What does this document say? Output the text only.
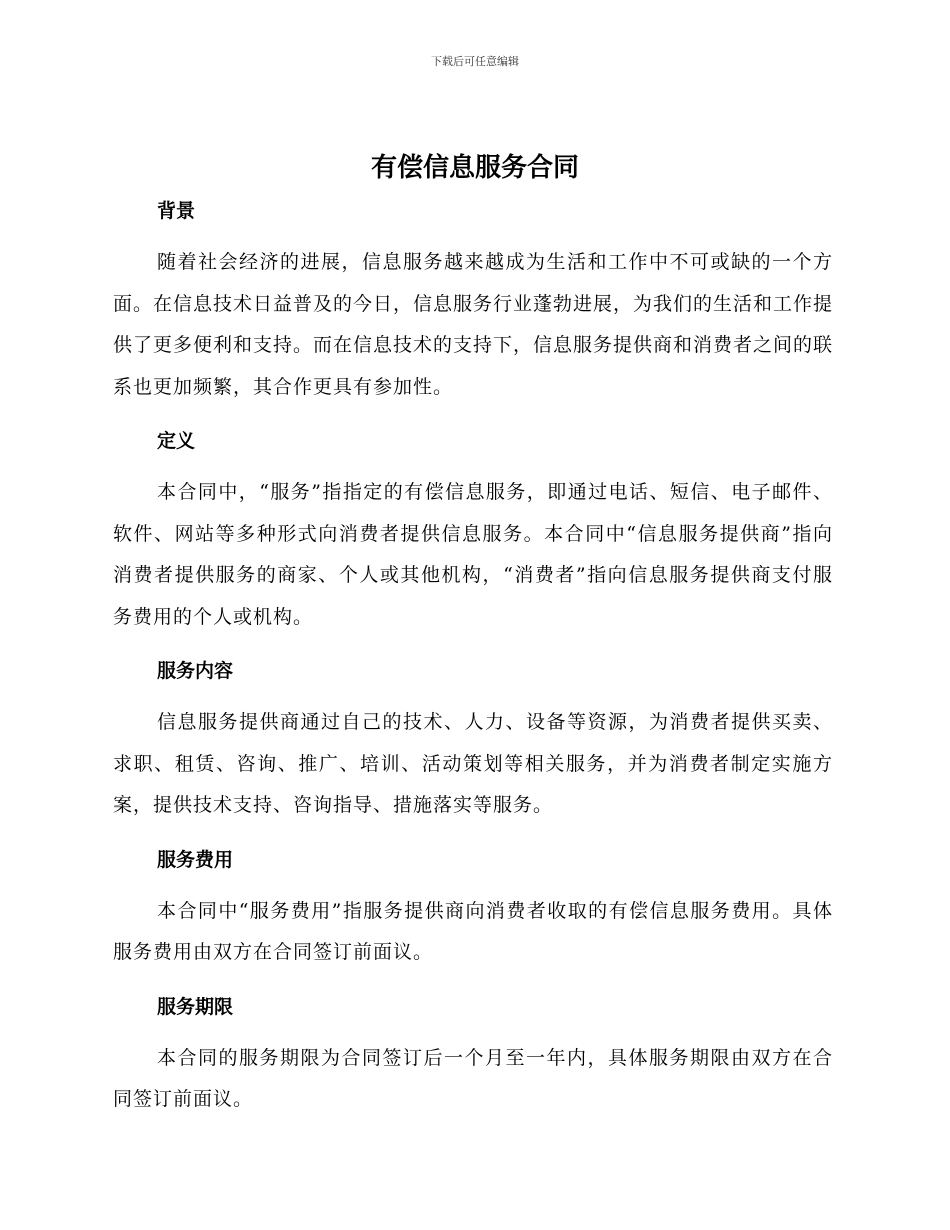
下载后可任意编辑
有偿信息服务合同
背景

随着社会经济的进展，信息服务越来越成为生活和工作中不可或缺的一个方面。在信息技术日益普及的今日，信息服务行业蓬勃进展，为我们的生活和工作提供了更多便利和支持。而在信息技术的支持下，信息服务提供商和消费者之间的联系也更加频繁，其合作更具有参加性。

定义

本合同中，“服务”指指定的有偿信息服务，即通过电话、短信、电子邮件、软件、网站等多种形式向消费者提供信息服务。本合同中“信息服务提供商”指向消费者提供服务的商家、个人或其他机构，“消费者”指向信息服务提供商支付服务费用的个人或机构。

服务内容

信息服务提供商通过自己的技术、人力、设备等资源，为消费者提供买卖、求职、租赁、咨询、推广、培训、活动策划等相关服务，并为消费者制定实施方案，提供技术支持、咨询指导、措施落实等服务。

服务费用

本合同中“服务费用”指服务提供商向消费者收取的有偿信息服务费用。具体服务费用由双方在合同签订前面议。

服务期限

本合同的服务期限为合同签订后一个月至一年内，具体服务期限由双方在合同签订前面议。
